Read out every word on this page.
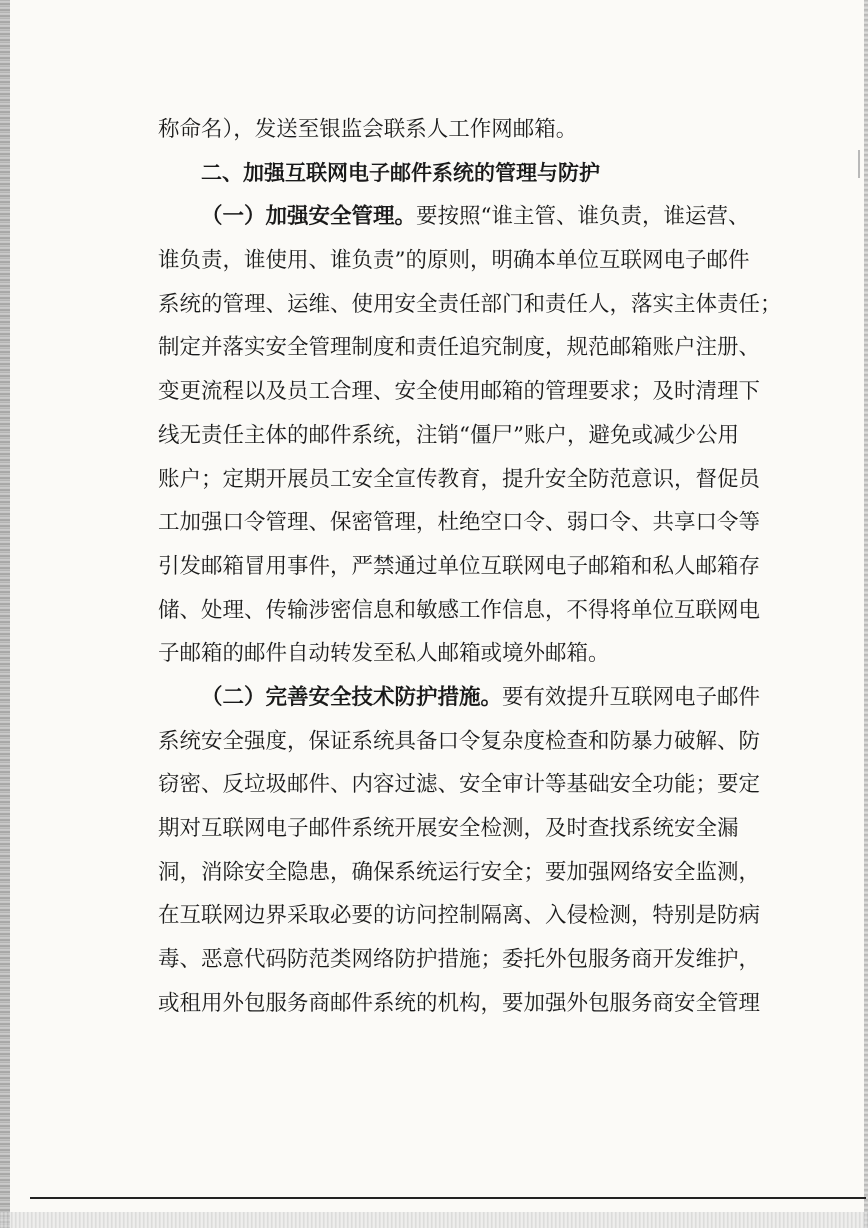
称命名），发送至银监会联系人工作网邮箱。

二、加强互联网电子邮件系统的管理与防护

（一）加强安全管理。要按照“谁主管、谁负责，谁运营、

谁负责，谁使用、谁负责”的原则，明确本单位互联网电子邮件

系统的管理、运维、使用安全责任部门和责任人，落实主体责任；

制定并落实安全管理制度和责任追究制度，规范邮箱账户注册、

变更流程以及员工合理、安全使用邮箱的管理要求；及时清理下

线无责任主体的邮件系统，注销“僵尸”账户，避免或减少公用

账户；定期开展员工安全宣传教育，提升安全防范意识，督促员

工加强口令管理、保密管理，杜绝空口令、弱口令、共享口令等

引发邮箱冒用事件，严禁通过单位互联网电子邮箱和私人邮箱存

储、处理、传输涉密信息和敏感工作信息，不得将单位互联网电

子邮箱的邮件自动转发至私人邮箱或境外邮箱。

（二）完善安全技术防护措施。要有效提升互联网电子邮件

系统安全强度，保证系统具备口令复杂度检查和防暴力破解、防

窃密、反垃圾邮件、内容过滤、安全审计等基础安全功能；要定

期对互联网电子邮件系统开展安全检测，及时查找系统安全漏

洞，消除安全隐患，确保系统运行安全；要加强网络安全监测，

在互联网边界采取必要的访问控制隔离、入侵检测，特别是防病

毒、恶意代码防范类网络防护措施；委托外包服务商开发维护，

或租用外包服务商邮件系统的机构，要加强外包服务商安全管理
